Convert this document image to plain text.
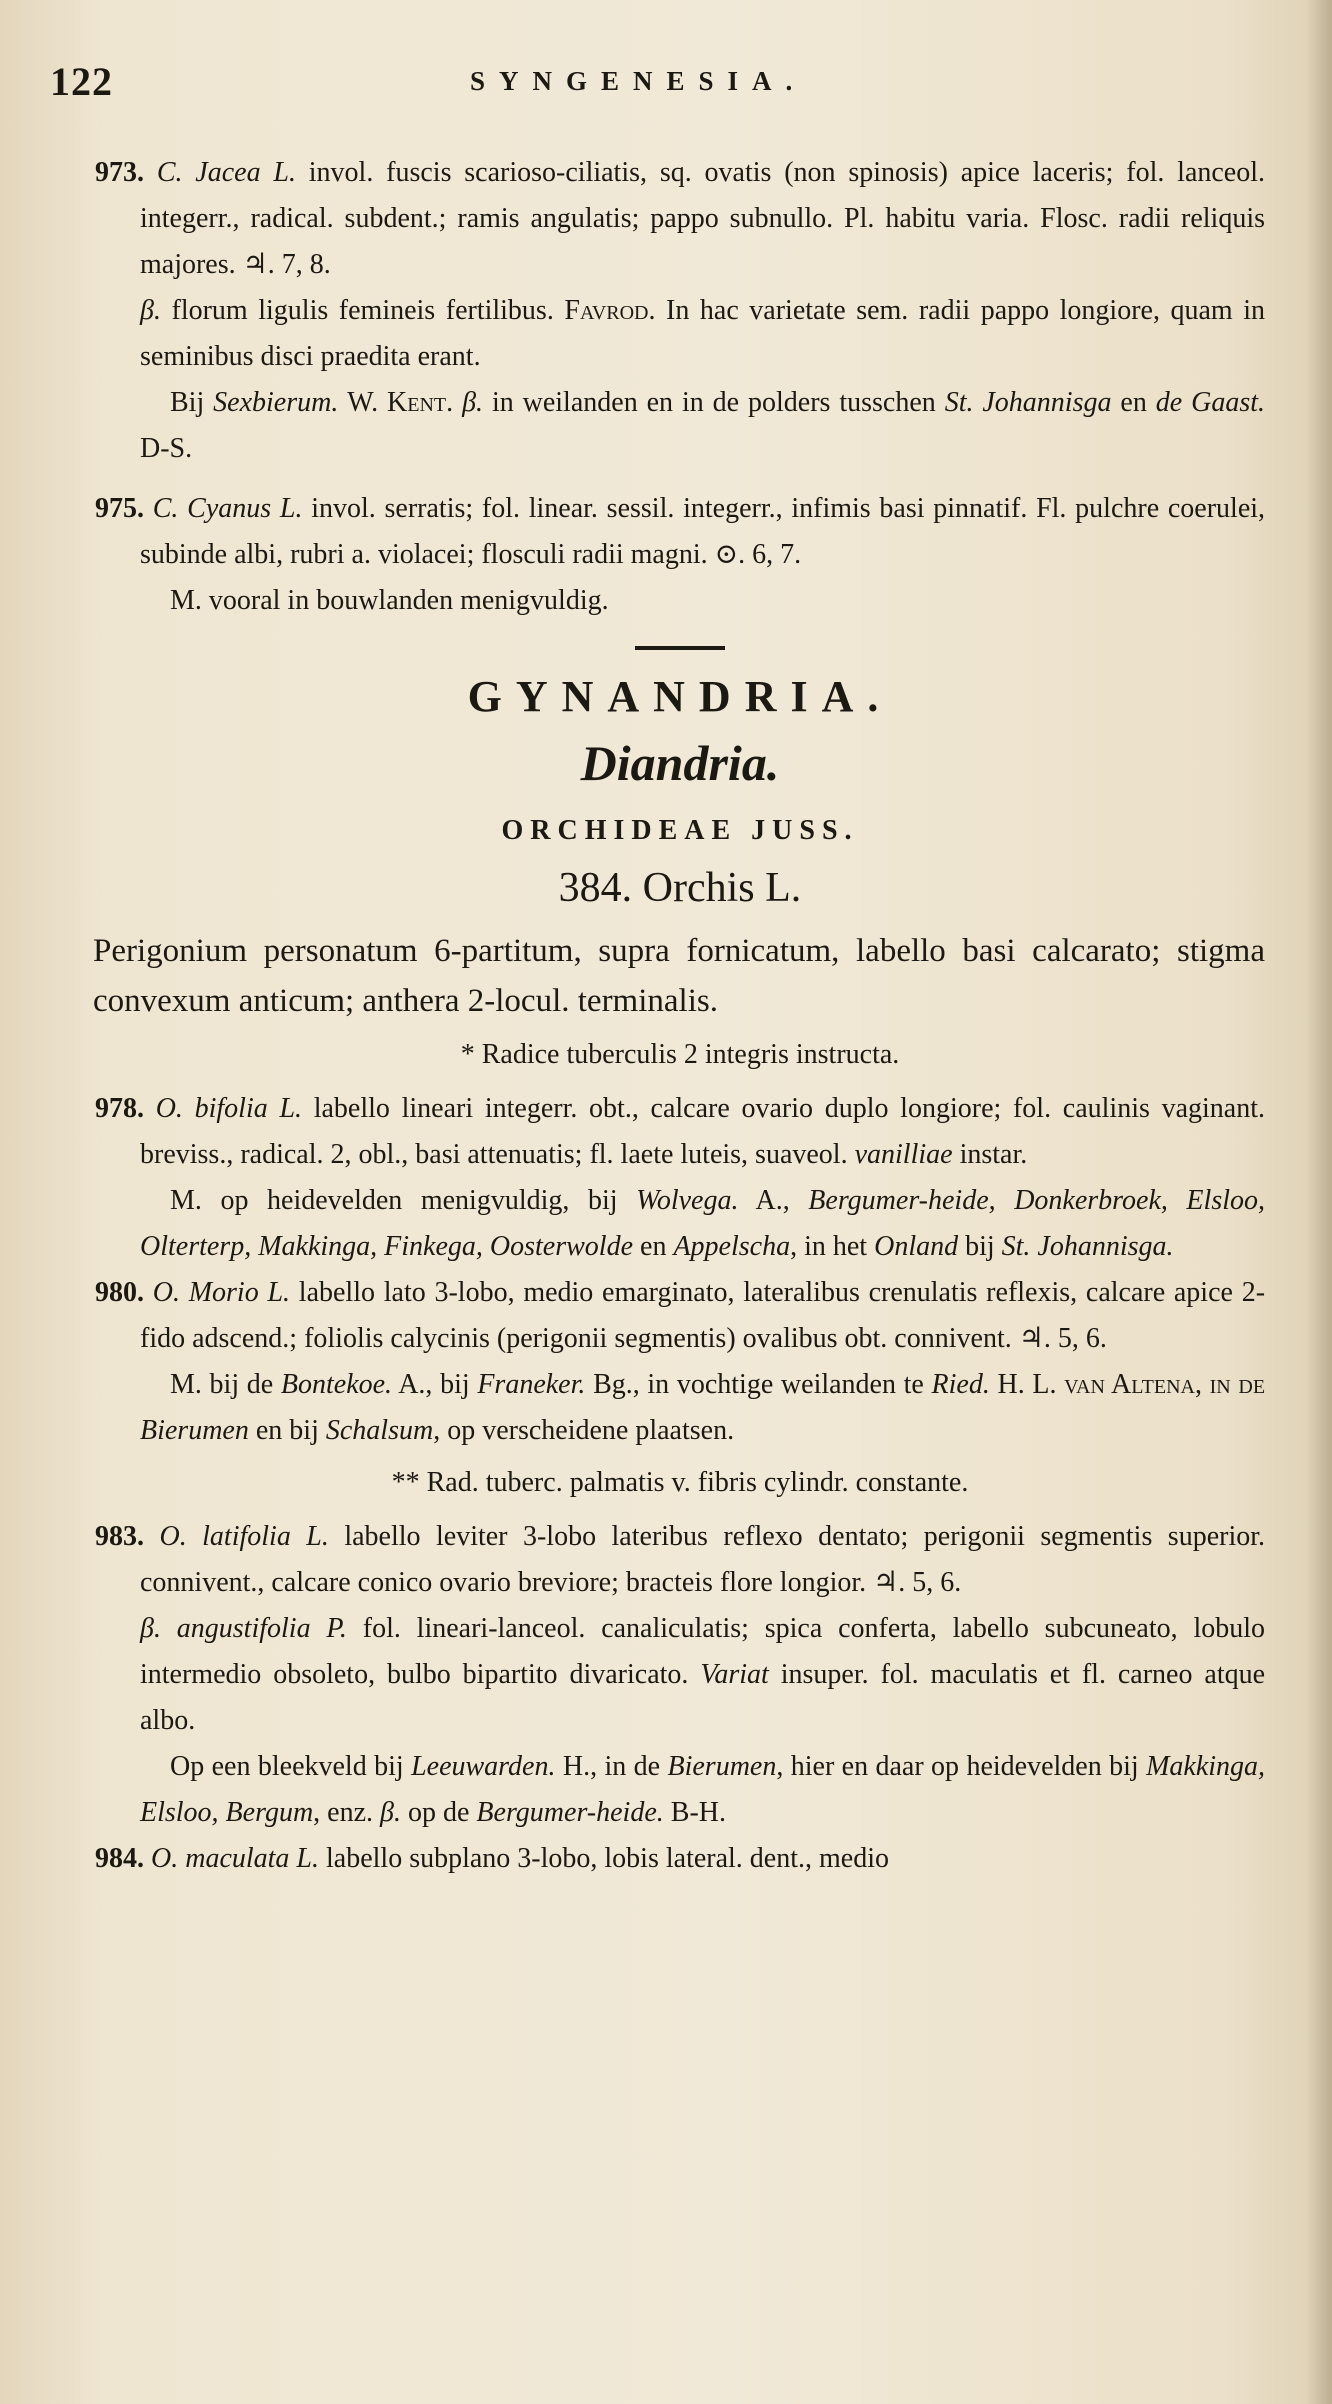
122	SYNGENESIA.

973. C. Jacea L. invol. fuscis scarioso-ciliatis, sq. ovatis (non spinosis) apice laceris; fol. lanceol. integerr., radical. subdent.; ramis angulatis; pappo subnullo. Pl. habitu varia. Flosc. radii reliquis majores. ♃. 7, 8.

β. florum ligulis femineis fertilibus. Favrod. In hac varietate sem. radii pappo longiore, quam in seminibus disci praedita erant.

Bij Sexbierum. W. Kent. β. in weilanden en in de polders tusschen St. Johannisga en de Gaast. D-S.

975. C. Cyanus L. invol. serratis; fol. linear. sessil. integerr., infimis basi pinnatif. Fl. pulchre coerulei, subinde albi, rubri a. violacei; flosculi radii magni. ⊙. 6, 7.

M. vooral in bouwlanden menigvuldig.

GYNANDRIA.
Diandria.
ORCHIDEAE JUSS.
384. Orchis L.

Perigonium personatum 6-partitum, supra fornicatum, labello basi calcarato; stigma convexum anticum; anthera 2-locul. terminalis.

* Radice tuberculis 2 integris instructa.

978. O. bifolia L. labello lineari integerr. obt., calcare ovario duplo longiore; fol. caulinis vaginant. breviss., radical. 2, obl., basi attenuatis; fl. laete luteis, suaveol. vanilliae instar.

M. op heidevelden menigvuldig, bij Wolvega. A., Bergumer-heide, Donkerbroek, Elsloo, Olterterp, Makkinga, Finkega, Oosterwolde en Appelscha, in het Onland bij St. Johannisga.

980. O. Morio L. labello lato 3-lobo, medio emarginato, lateralibus crenulatis reflexis, calcare apice 2-fido adscend.; foliolis calycinis (perigonii segmentis) ovalibus obt. connivent. ♃. 5, 6.

M. bij de Bontekoe. A., bij Franeker. Bg., in vochtige weilanden te Ried. H. L. van Altena, in de Bierumen en bij Schalsum, op verscheidene plaatsen.

** Rad. tuberc. palmatis v. fibris cylindr. constante.

983. O. latifolia L. labello leviter 3-lobo lateribus reflexo dentato; perigonii segmentis superior. connivent., calcare conico ovario breviore; bracteis flore longior. ♃. 5, 6.

β. angustifolia P. fol. lineari-lanceol. canaliculatis; spica conferta, labello subcuneato, lobulo intermedio obsoleto, bulbo bipartito divaricato. Variat insuper. fol. maculatis et fl. carneo atque albo.

Op een bleekveld bij Leeuwarden. H., in de Bierumen, hier en daar op heidevelden bij Makkinga, Elsloo, Bergum, enz. β. op de Bergumer-heide. B-H.

984. O. maculata L. labello subplano 3-lobo, lobis lateral. dent., medio
